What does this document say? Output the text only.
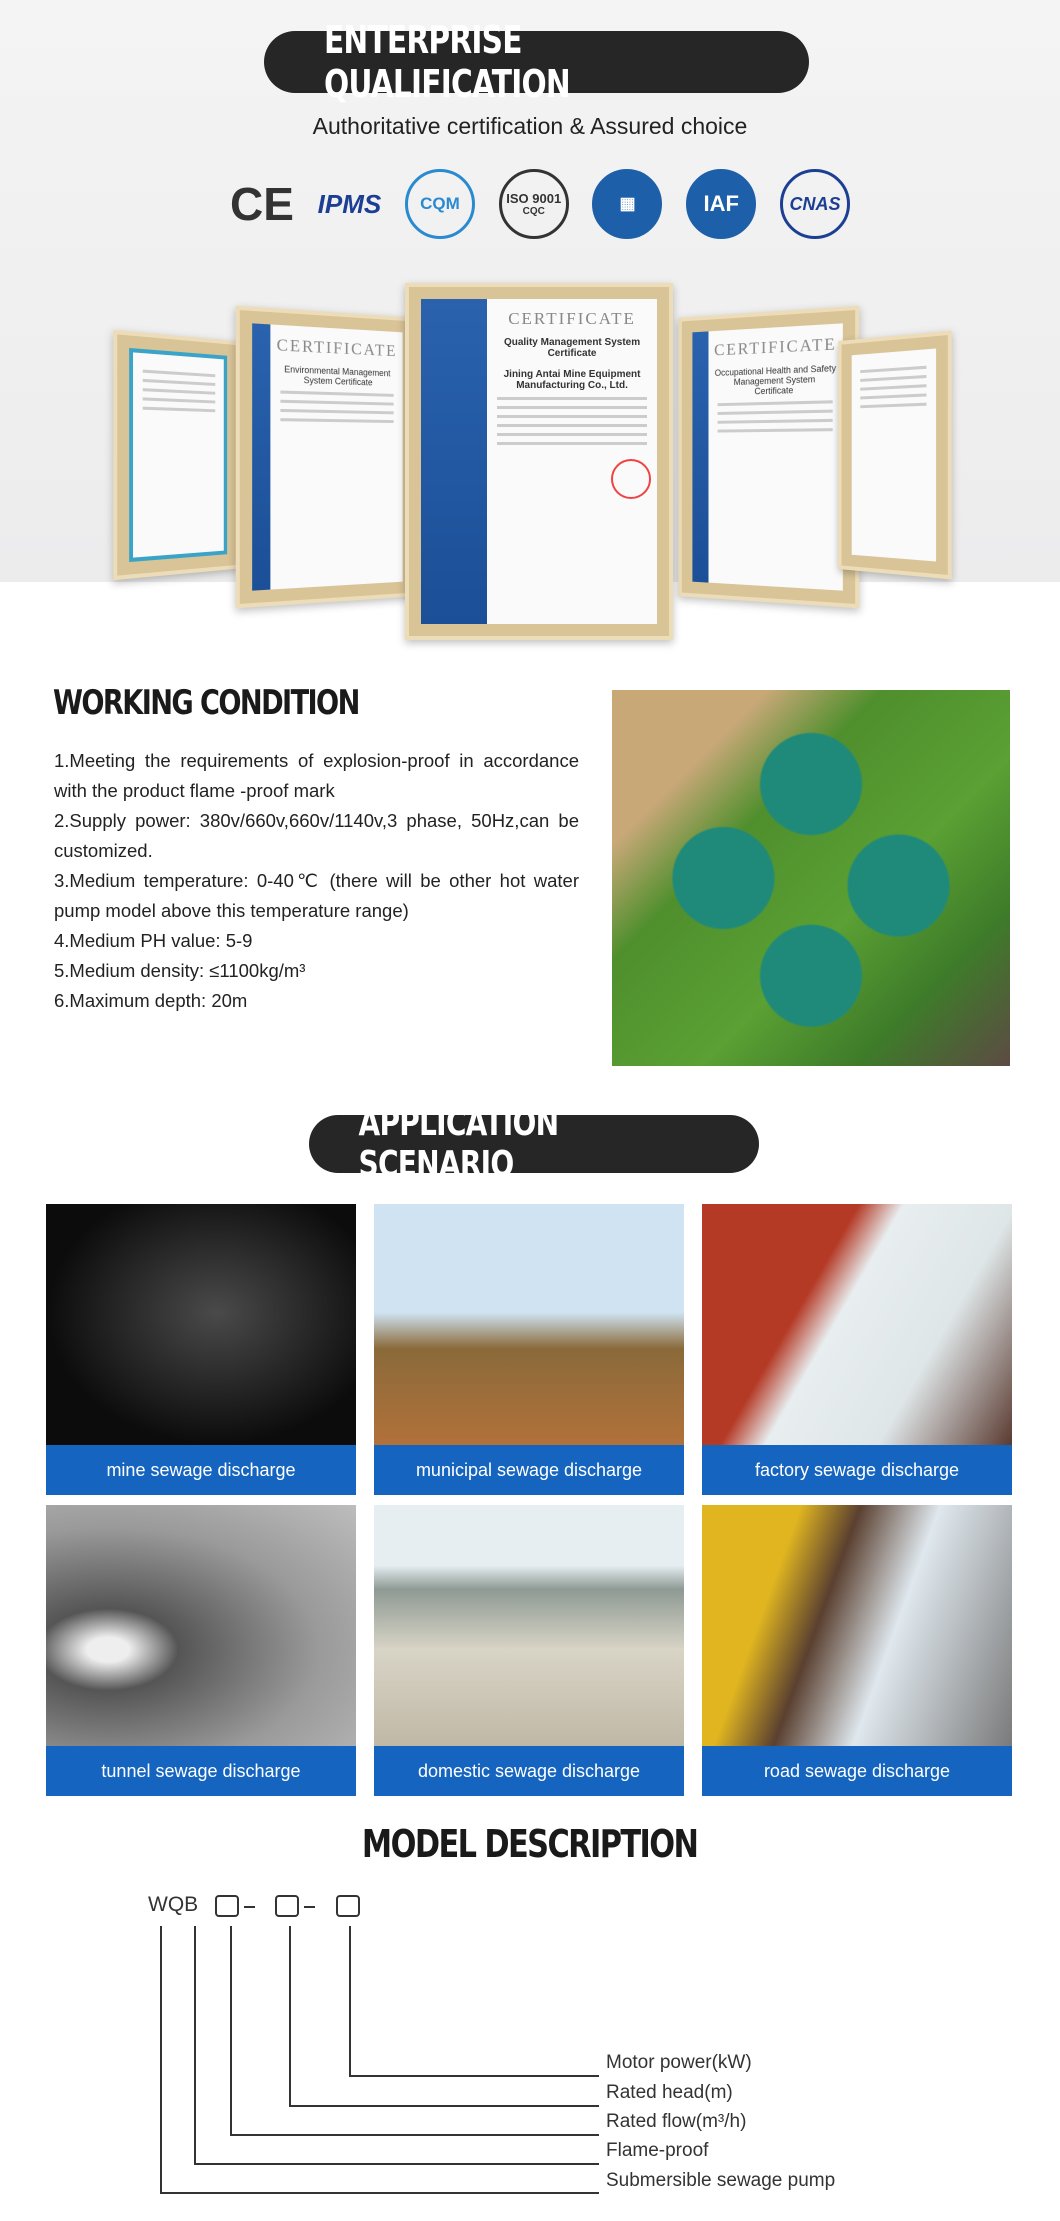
ENTERPRISE QUALIFICATION
Authoritative certification & Assured choice
CE IPMS	CQM	ISO 9001
CQC	▦	IAF	CNAS
CERTIFICATE
Environmental Management System Certificate
CERTIFICATE
Occupational Health and Safety Management System Certificate
CERTIFICATE
Quality Management System Certificate
Jining Antai Mine Equipment Manufacturing Co., Ltd.
WORKING CONDITION
1.Meeting the requirements of explosion-proof in accordance with the product flame -proof mark
2.Supply power: 380v/660v,660v/1140v,3 phase, 50Hz,can be customized.
3.Medium temperature: 0-40℃ (there will be other hot water pump model above this temperature range)
4.Medium PH value: 5-9
5.Medium density: ≤1100kg/m³
6.Maximum depth: 20m
APPLICATION SCENARIO
mine sewage discharge	municipal sewage discharge	factory sewage discharge
tunnel sewage discharge	domestic sewage discharge	road sewage discharge
MODEL DESCRIPTION
WQB
Motor power(kW)
Rated head(m)
Rated flow(m³/h)
Flame-proof
Submersible sewage pump
